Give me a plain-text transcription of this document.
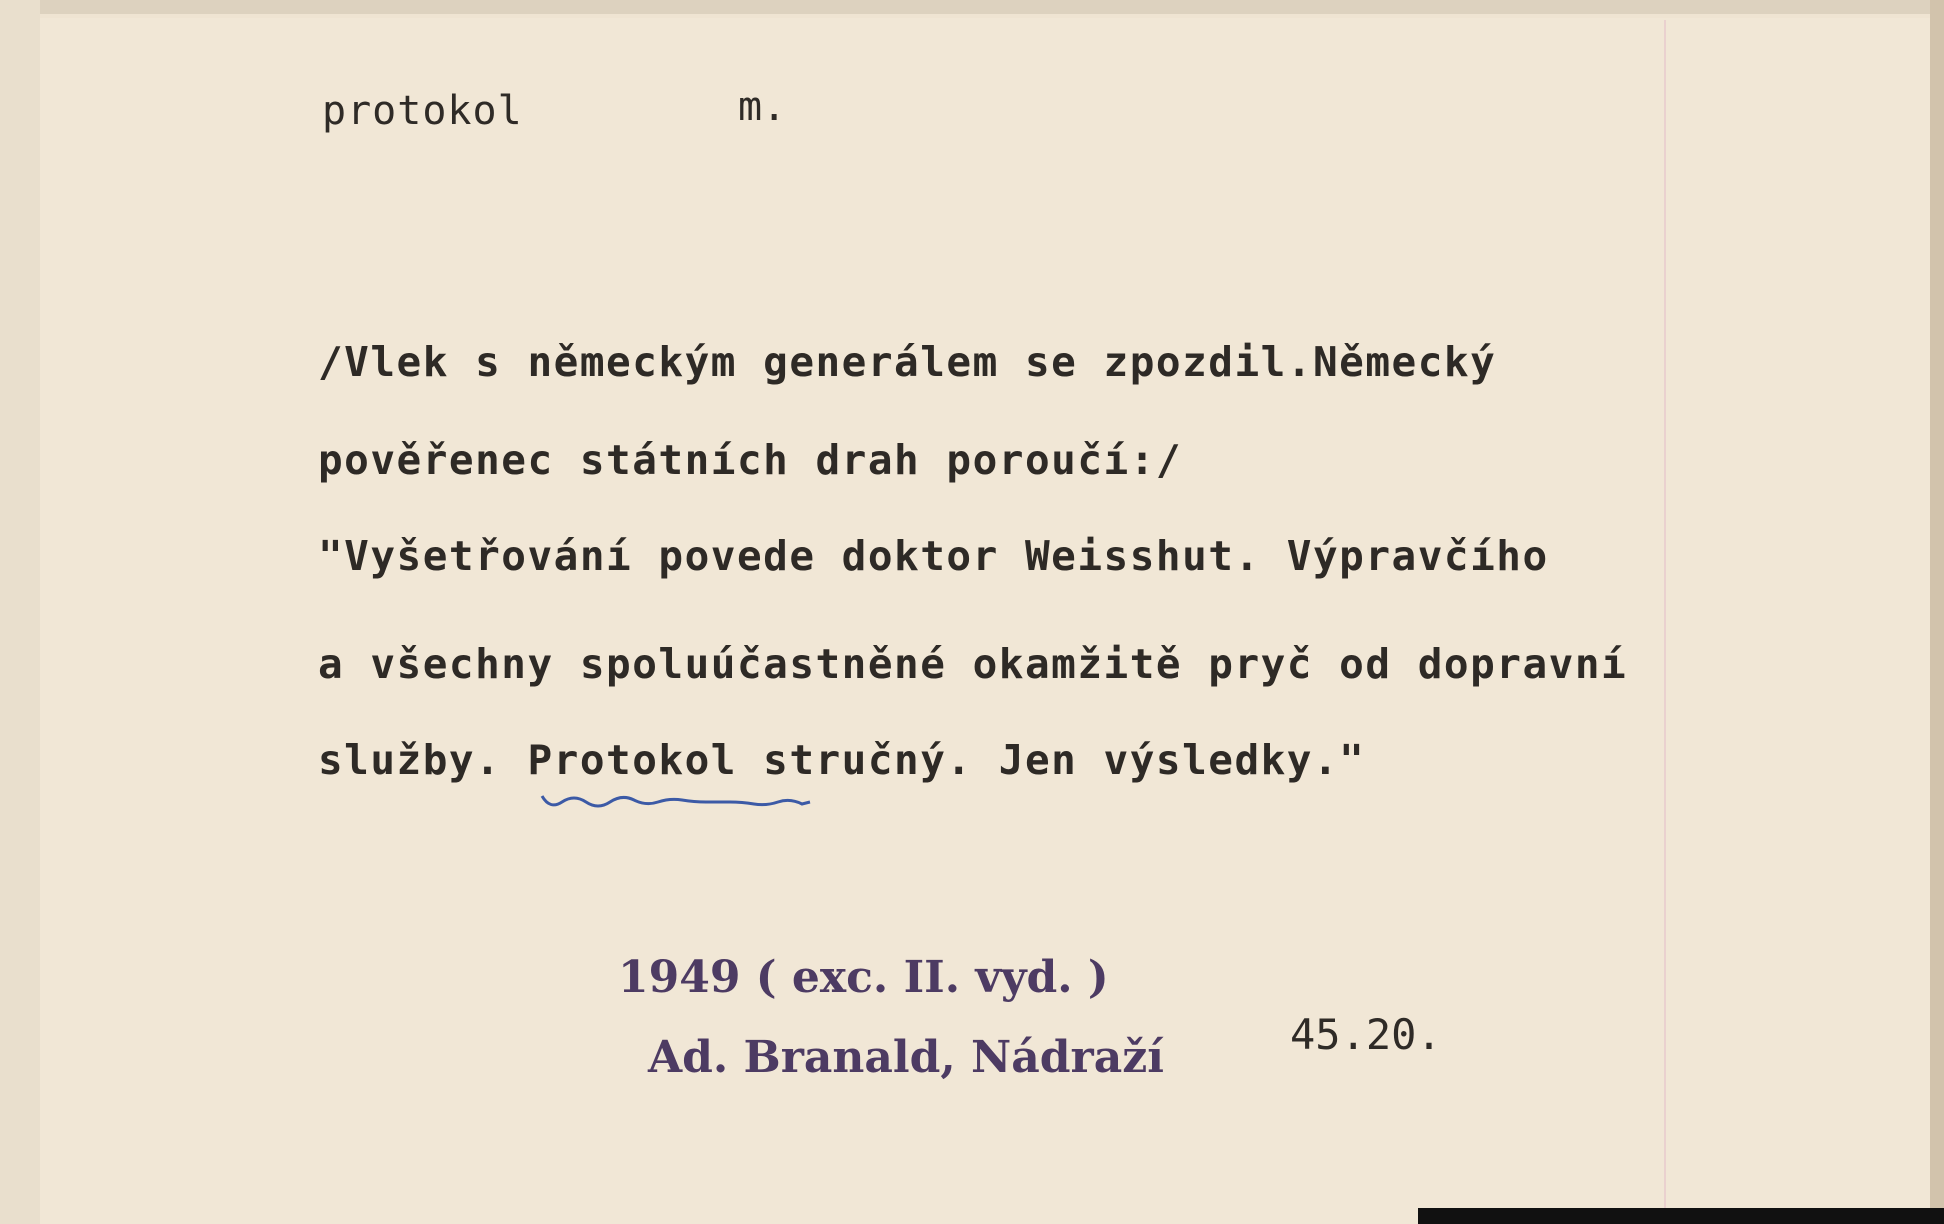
protokol	m.
/Vlek s německým generálem se zpozdil.Německý
pověřenec státních drah poroučí:/
"Vyšetřování povede doktor Weisshut. Výpravčího
a všechny spoluúčastněné okamžitě pryč od dopravní
služby. Protokol stručný. Jen výsledky."
1949 ( exc. II. vyd. )
Ad. Branald, Nádraží	45.20.
